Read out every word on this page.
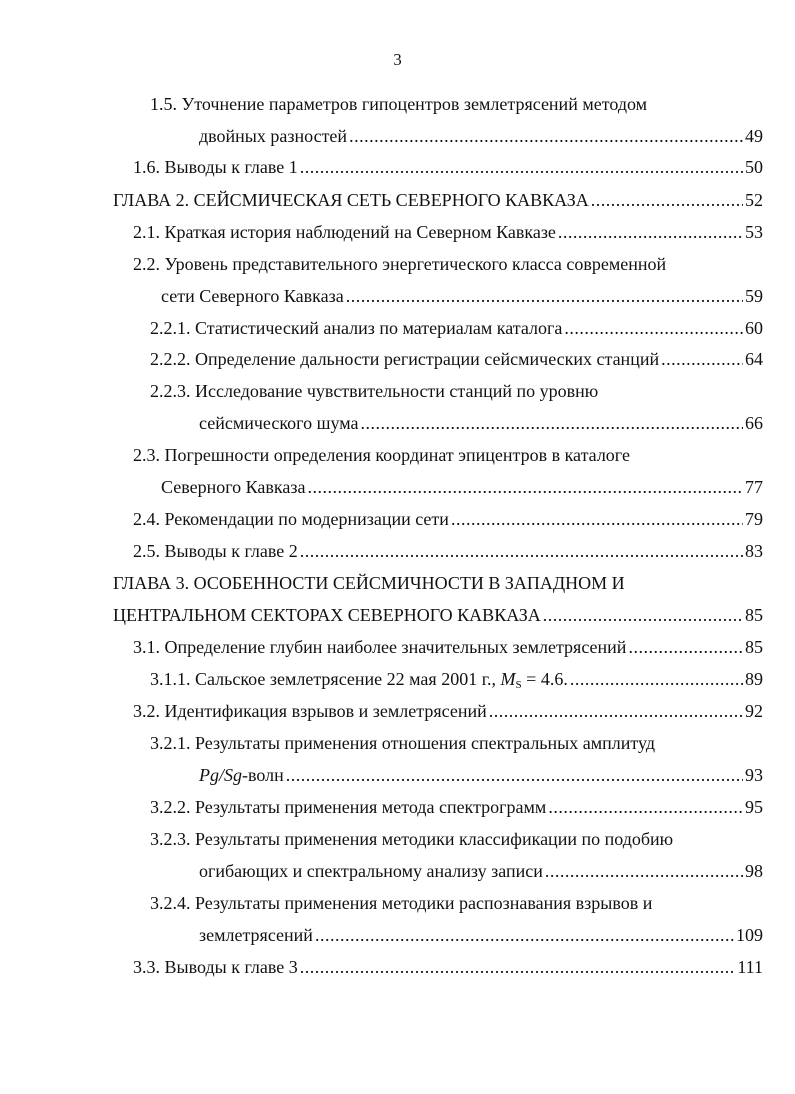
3
1.5. Уточнение параметров гипоцентров землетрясений методом
двойных разностей .....	49
1.6. Выводы к главе 1 .....	50
ГЛАВА 2. СЕЙСМИЧЕСКАЯ СЕТЬ СЕВЕРНОГО КАВКАЗА .....	52
2.1. Краткая история наблюдений на Северном Кавказе .....	53
2.2. Уровень представительного энергетического класса современной
сети Северного Кавказа .....	59
2.2.1. Статистический анализ по материалам каталога .....	60
2.2.2. Определение дальности регистрации сейсмических станций .....	64
2.2.3. Исследование чувствительности станций по уровню
сейсмического шума .....	66
2.3. Погрешности определения координат эпицентров в каталоге
Северного Кавказа .....	77
2.4. Рекомендации по модернизации сети .....	79
2.5. Выводы к главе 2 .....	83
ГЛАВА 3. ОСОБЕННОСТИ СЕЙСМИЧНОСТИ В ЗАПАДНОМ И
ЦЕНТРАЛЬНОМ СЕКТОРАХ СЕВЕРНОГО КАВКАЗА .....	85
3.1. Определение глубин наиболее значительных землетрясений .....	85
3.1.1. Сальское землетрясение 22 мая 2001 г., $M_S = 4.6$. .....	89
3.2. Идентификация взрывов и землетрясений .....	92
3.2.1. Результаты применения отношения спектральных амплитуд
Pg/Sg-волн .....	93
3.2.2. Результаты применения метода спектрограмм .....	95
3.2.3. Результаты применения методики классификации по подобию
огибающих и спектральному анализу записи .....	98
3.2.4. Результаты применения методики распознавания взрывов и
землетрясений .....	109
3.3. Выводы к главе 3 .....	111
